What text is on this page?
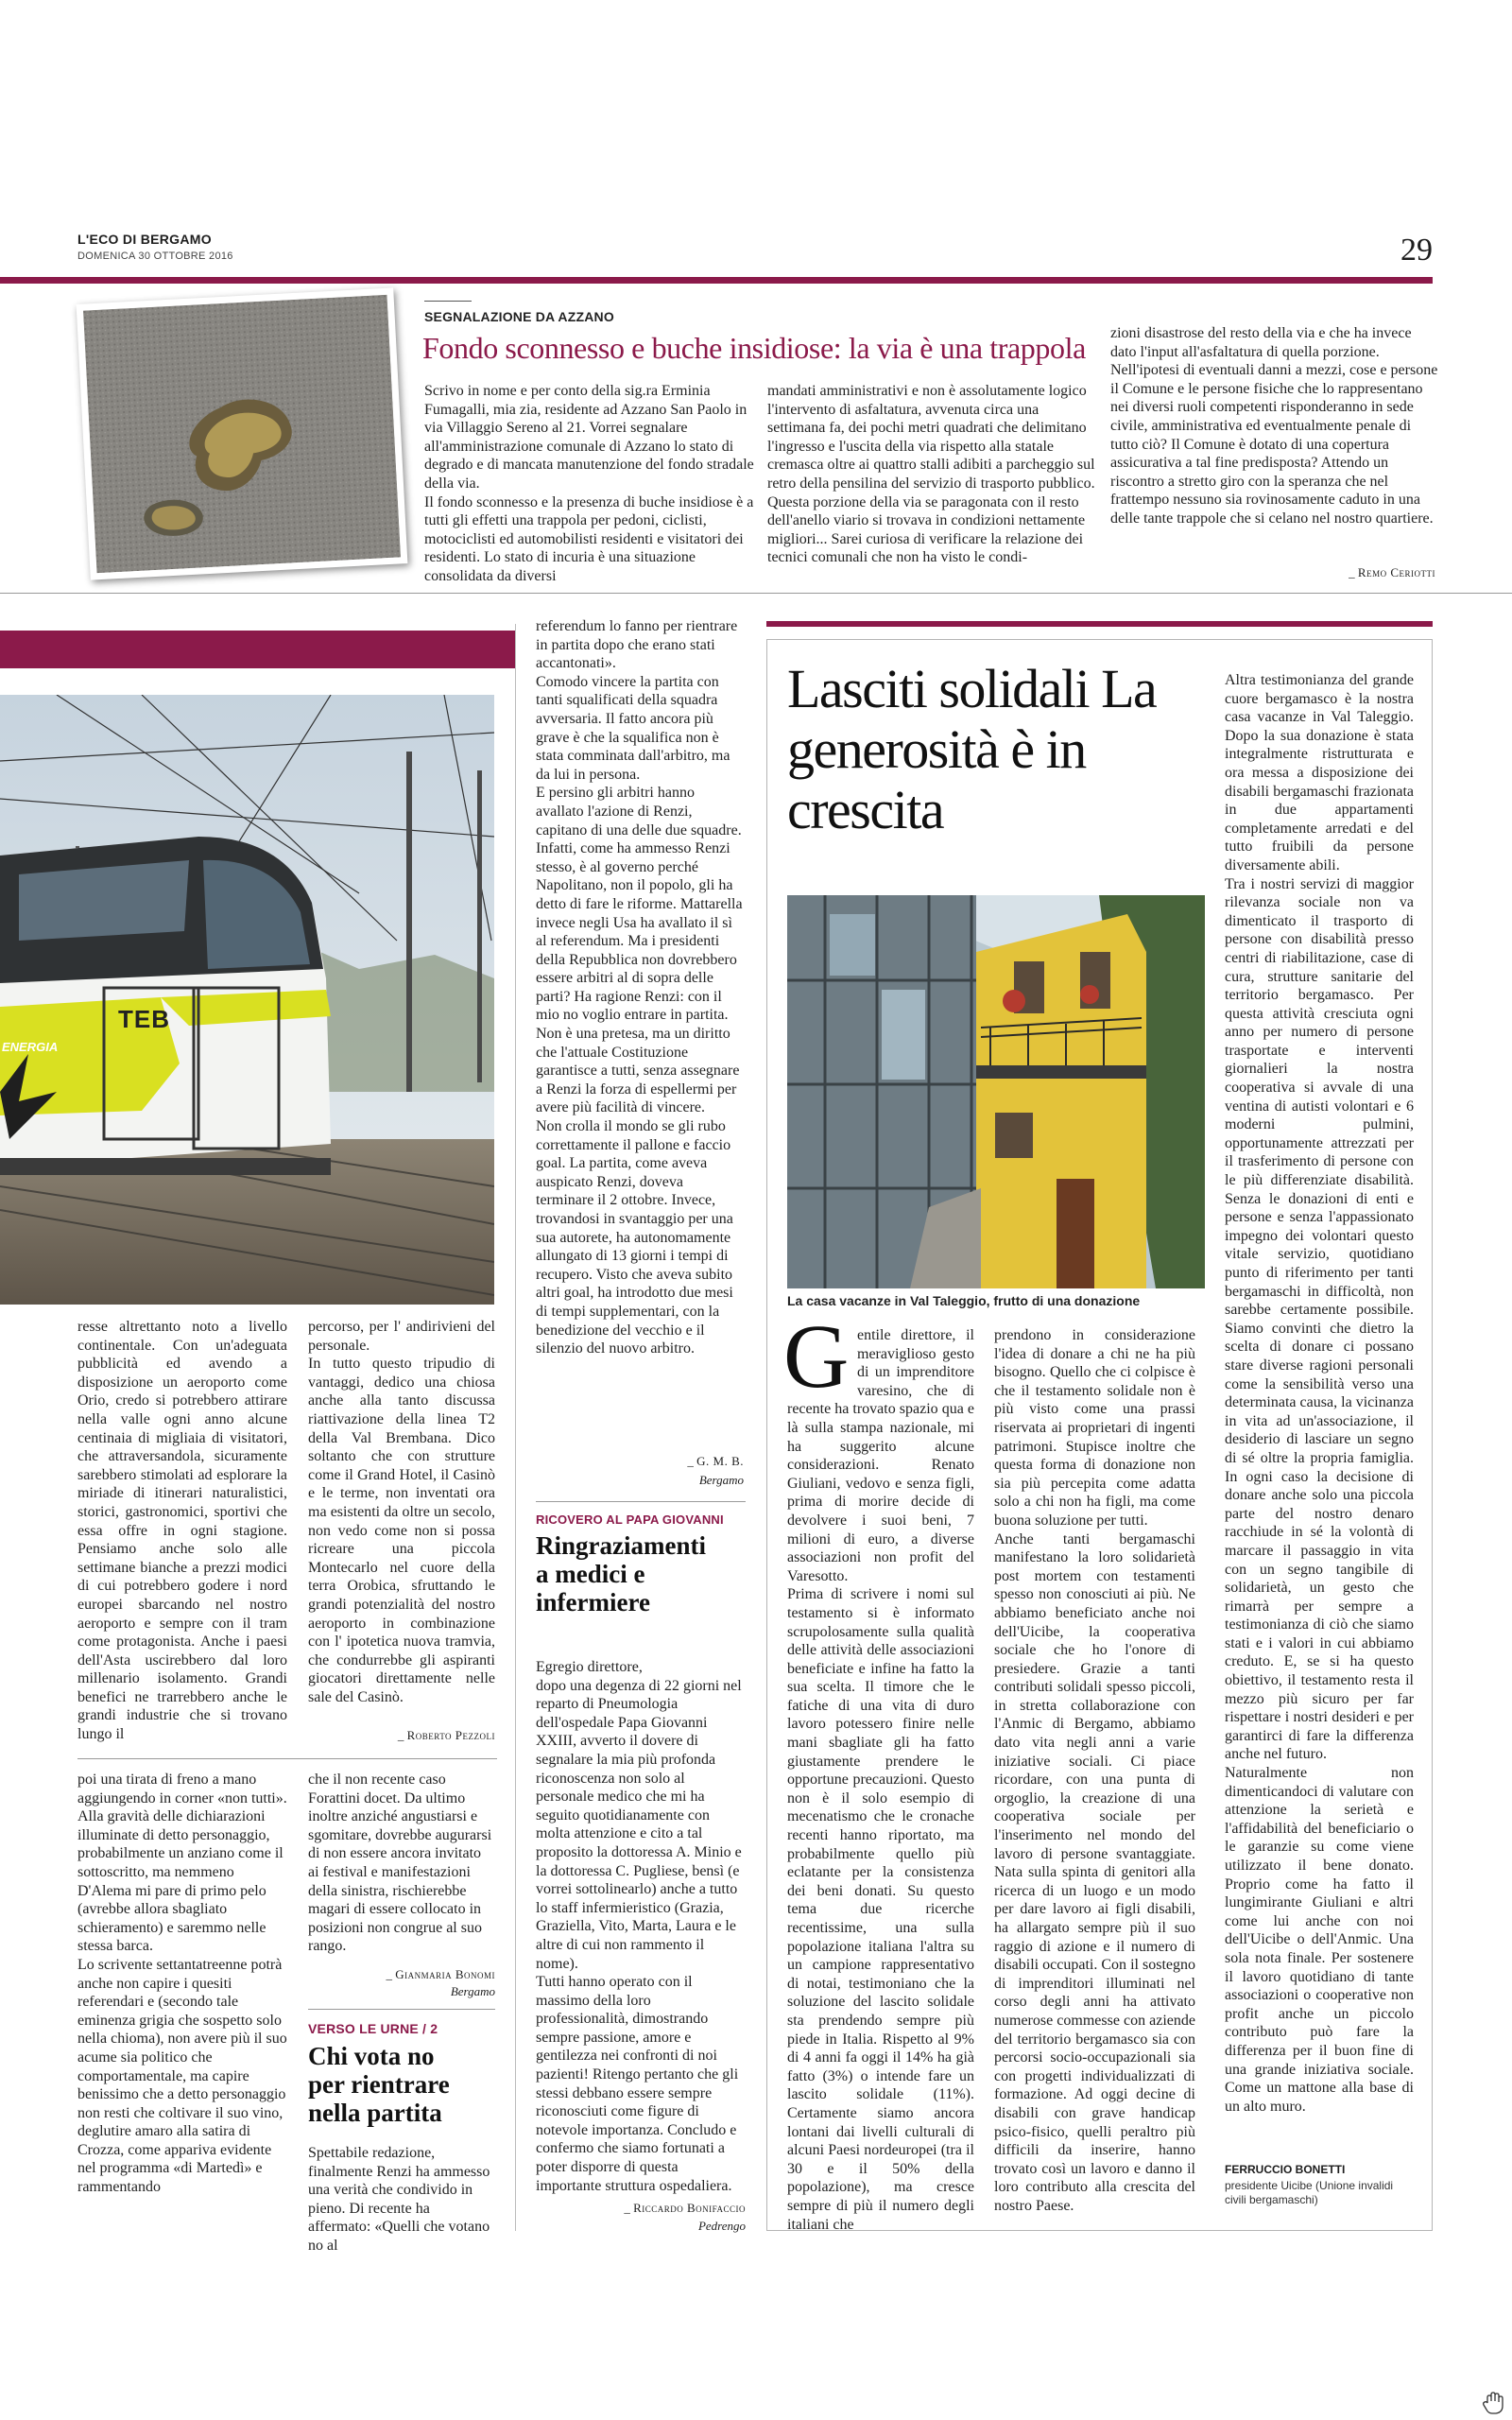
L'ECO DI BERGAMO
DOMENICA 30 OTTOBRE 2016	29
SEGNALAZIONE DA AZZANO
Fondo sconnesso e buche insidiose: la via è una trappola
Scrivo in nome e per conto della sig.ra Erminia Fumagalli, mia zia, residente ad Azzano San Paolo in via Villaggio Sereno al 21. Vorrei segnalare all'amministrazione comunale di Azzano lo stato di degrado e di mancata manutenzione del fondo stradale della via.
Il fondo sconnesso e la presenza di buche insidiose è a tutti gli effetti una trappola per pedoni, ciclisti, motociclisti ed automobilisti residenti e visitatori dei residenti. Lo stato di incuria è una situazione consolidata da diversi
mandati amministrativi e non è assolutamente logico l'intervento di asfaltatura, avvenuta circa una settimana fa, dei pochi metri quadrati che delimitano l'ingresso e l'uscita della via rispetto alla statale cremasca oltre ai quattro stalli adibiti a parcheggio sul retro della pensilina del servizio di trasporto pubblico. Questa porzione della via se paragonata con il resto dell'anello viario si trovava in condizioni nettamente migliori... Sarei curiosa di verificare la relazione dei tecnici comunali che non ha visto le condi-
zioni disastrose del resto della via e che ha invece dato l'input all'asfaltatura di quella porzione.
Nell'ipotesi di eventuali danni a mezzi, cose e persone il Comune e le persone fisiche che lo rappresentano nei diversi ruoli competenti risponderanno in sede civile, amministrativa ed eventualmente penale di tutto ciò? Il Comune è dotato di una copertura assicurativa a tal fine predisposta? Attendo un riscontro a stretto giro con la speranza che nel frattempo nessuno sia rovinosamente caduto in una delle tante trappole che si celano nel nostro quartiere.
_ Remo Ceriotti
ENERGIA
TEB
resse altrettanto noto a livello continentale. Con un'adeguata pubblicità ed avendo a disposizione un aeroporto come Orio, credo si potrebbero attirare nella valle ogni anno alcune centinaia di migliaia di visitatori, che attraversandola, sicuramente sarebbero stimolati ad esplorare la miriade di itinerari naturalistici, storici, gastronomici, sportivi che essa offre in ogni stagione. Pensiamo anche solo alle settimane bianche a prezzi modici di cui potrebbero godere i nord europei sbarcando nel nostro aeroporto e sempre con il tram come protagonista. Anche i paesi dell'Asta uscirebbero dal loro millenario isolamento. Grandi benefici ne trarrebbero anche le grandi industrie che si trovano lungo il
percorso, per l' andirivieni del personale.
In tutto questo tripudio di vantaggi, dedico una chiosa anche alla tanto discussa riattivazione della linea T2 della Val Brembana. Dico soltanto che con strutture come il Grand Hotel, il Casinò e le terme, non inventati ora ma esistenti da oltre un secolo, non vedo come non si possa ricreare una piccola Montecarlo nel cuore della terra Orobica, sfruttando le grandi potenzialità del nostro aeroporto in combinazione con l' ipotetica nuova tramvia, che condurrebbe gli aspiranti giocatori direttamente nelle sale del Casinò.
_ Roberto Pezzoli
poi una tirata di freno a mano aggiungendo in corner «non tutti». Alla gravità delle dichiarazioni illuminate di detto personaggio, probabilmente un anziano come il sottoscritto, ma nemmeno D'Alema mi pare di primo pelo (avrebbe allora sbagliato schieramento) e saremmo nelle stessa barca.
Lo scrivente settantatreenne potrà anche non capire i quesiti referendari e (secondo tale eminenza grigia che sospetto solo nella chioma), non avere più il suo acume sia politico che comportamentale, ma capire benissimo che a detto personaggio non resti che coltivare il suo vino, deglutire amaro alla satira di Crozza, come appariva evidente nel programma «di Martedì» e rammentando
che il non recente caso Forattini docet. Da ultimo inoltre anziché angustiarsi e sgomitare, dovrebbe augurarsi di non essere ancora invitato ai festival e manifestazioni della sinistra, rischierebbe magari di essere collocato in posizioni non congrue al suo rango.
_ Gianmaria Bonomi
Bergamo
VERSO LE URNE / 2
Chi vota no per rientrare nella partita
Spettabile redazione, finalmente Renzi ha ammesso una verità che condivido in pieno. Di recente ha affermato: «Quelli che votano no al
referendum lo fanno per rientrare in partita dopo che erano stati accantonati».
Comodo vincere la partita con tanti squalificati della squadra avversaria. Il fatto ancora più grave è che la squalifica non è stata comminata dall'arbitro, ma da lui in persona.
E persino gli arbitri hanno avallato l'azione di Renzi, capitano di una delle due squadre. Infatti, come ha ammesso Renzi stesso, è al governo perché Napolitano, non il popolo, gli ha detto di fare le riforme. Mattarella invece negli Usa ha avallato il sì al referendum. Ma i presidenti della Repubblica non dovrebbero essere arbitri al di sopra delle parti? Ha ragione Renzi: con il mio no voglio entrare in partita.
Non è una pretesa, ma un diritto che l'attuale Costituzione garantisce a tutti, senza assegnare a Renzi la forza di espellermi per avere più facilità di vincere.
Non crolla il mondo se gli rubo correttamente il pallone e faccio goal. La partita, come aveva auspicato Renzi, doveva terminare il 2 ottobre. Invece, trovandosi in svantaggio per una sua autorete, ha autonomamente allungato di 13 giorni i tempi di recupero. Visto che aveva subito altri goal, ha introdotto due mesi di tempi supplementari, con la benedizione del vecchio e il silenzio del nuovo arbitro.
_ G. M. B.
Bergamo
RICOVERO AL PAPA GIOVANNI
Ringraziamenti a medici e infermiere
Egregio direttore,
dopo una degenza di 22 giorni nel reparto di Pneumologia dell'ospedale Papa Giovanni XXIII, avverto il dovere di segnalare la mia più profonda riconoscenza non solo al personale medico che mi ha seguito quotidianamente con molta attenzione e cito a tal proposito la dottoressa A. Minio e la dottoressa C. Pugliese, bensì (e vorrei sottolinearlo) anche a tutto lo staff infermieristico (Grazia, Graziella, Vito, Marta, Laura e le altre di cui non rammento il nome).
Tutti hanno operato con il massimo della loro professionalità, dimostrando sempre passione, amore e gentilezza nei confronti di noi pazienti! Ritengo pertanto che gli stessi debbano essere sempre riconosciuti come figure di notevole importanza. Concludo e confermo che siamo fortunati a poter disporre di questa importante struttura ospedaliera.
_ Riccardo Bonifaccio
Pedrengo
Lasciti solidali La generosità è in crescita
La casa vacanze in Val Taleggio, frutto di una donazione
G entile direttore, il meraviglioso gesto di un imprenditore varesino, che di recente ha trovato spazio qua e là sulla stampa nazionale, mi ha suggerito alcune considerazioni. Renato Giuliani, vedovo e senza figli, prima di morire decide di devolvere i suoi beni, 7 milioni di euro, a diverse associazioni non profit del Varesotto.
Prima di scrivere i nomi sul testamento si è informato scrupolosamente sulla qualità delle attività delle associazioni beneficiate e infine ha fatto la sua scelta. Il timore che le fatiche di una vita di duro lavoro potessero finire nelle mani sbagliate gli ha fatto giustamente prendere le opportune precauzioni. Questo non è il solo esempio di mecenatismo che le cronache recenti hanno riportato, ma probabilmente quello più eclatante per la consistenza dei beni donati. Su questo tema due ricerche recentissime, una sulla popolazione italiana l'altra su un campione rappresentativo di notai, testimoniano che la soluzione del lascito solidale sta prendendo sempre più piede in Italia. Rispetto al 9% di 4 anni fa oggi il 14% ha già fatto (3%) o intende fare un lascito solidale (11%). Certamente siamo ancora lontani dai livelli culturali di alcuni Paesi nordeuropei (tra il 30 e il 50% della popolazione), ma cresce sempre di più il numero degli italiani che
prendono in considerazione l'idea di donare a chi ne ha più bisogno. Quello che ci colpisce è che il testamento solidale non è più visto come una prassi riservata ai proprietari di ingenti patrimoni. Stupisce inoltre che questa forma di donazione non sia più percepita come adatta solo a chi non ha figli, ma come buona soluzione per tutti.
Anche tanti bergamaschi manifestano la loro solidarietà post mortem con testamenti spesso non conosciuti ai più. Ne abbiamo beneficiato anche noi dell'Uicibe, la cooperativa sociale che ho l'onore di presiedere. Grazie a tanti contributi solidali spesso piccoli, in stretta collaborazione con l'Anmic di Bergamo, abbiamo dato vita negli anni a varie iniziative sociali. Ci piace ricordare, con una punta di orgoglio, la creazione di una cooperativa sociale per l'inserimento nel mondo del lavoro di persone svantaggiate. Nata sulla spinta di genitori alla ricerca di un luogo e un modo per dare lavoro ai figli disabili, ha allargato sempre più il suo raggio di azione e il numero di disabili occupati. Con il sostegno di imprenditori illuminati nel corso degli anni ha attivato numerose commesse con aziende del territorio bergamasco sia con percorsi socio-occupazionali sia con progetti individualizzati di formazione. Ad oggi decine di disabili con grave handicap psico-fisico, quelli peraltro più difficili da inserire, hanno trovato così un lavoro e danno il loro contributo alla crescita del nostro Paese.
Altra testimonianza del grande cuore bergamasco è la nostra casa vacanze in Val Taleggio. Dopo la sua donazione è stata integralmente ristrutturata e ora messa a disposizione dei disabili bergamaschi frazionata in due appartamenti completamente arredati e del tutto fruibili da persone diversamente abili.
Tra i nostri servizi di maggior rilevanza sociale non va dimenticato il trasporto di persone con disabilità presso centri di riabilitazione, case di cura, strutture sanitarie del territorio bergamasco. Per questa attività cresciuta ogni anno per numero di persone trasportate e interventi giornalieri la nostra cooperativa si avvale di una ventina di autisti volontari e 6 moderni pulmini, opportunamente attrezzati per il trasferimento di persone con le più differenziate disabilità. Senza le donazioni di enti e persone e senza l'appassionato impegno dei volontari questo vitale servizio, quotidiano punto di riferimento per tanti bergamaschi in difficoltà, non sarebbe certamente possibile. Siamo convinti che dietro la scelta di donare ci possano stare diverse ragioni personali come la sensibilità verso una determinata causa, la vicinanza in vita ad un'associazione, il desiderio di lasciare un segno di sé oltre la propria famiglia. In ogni caso la decisione di donare anche solo una piccola parte del nostro denaro racchiude in sé la volontà di marcare il passaggio in vita con un segno tangibile di solidarietà, un gesto che rimarrà per sempre a testimonianza di ciò che siamo stati e i valori in cui abbiamo creduto. E, se si ha questo obiettivo, il testamento resta il mezzo più sicuro per far rispettare i nostri desideri e per garantirci di fare la differenza anche nel futuro.
Naturalmente non dimenticandoci di valutare con attenzione la serietà e l'affidabilità del beneficiario o le garanzie su come viene utilizzato il bene donato. Proprio come ha fatto il lungimirante Giuliani e altri come lui anche con noi dell'Uicibe o dell'Anmic. Una sola nota finale. Per sostenere il lavoro quotidiano di tante associazioni o cooperative non profit anche un piccolo contributo può fare la differenza per il buon fine di una grande iniziativa sociale. Come un mattone alla base di un alto muro.
FERRUCCIO BONETTI
presidente Uicibe (Unione invalidi civili bergamaschi)
